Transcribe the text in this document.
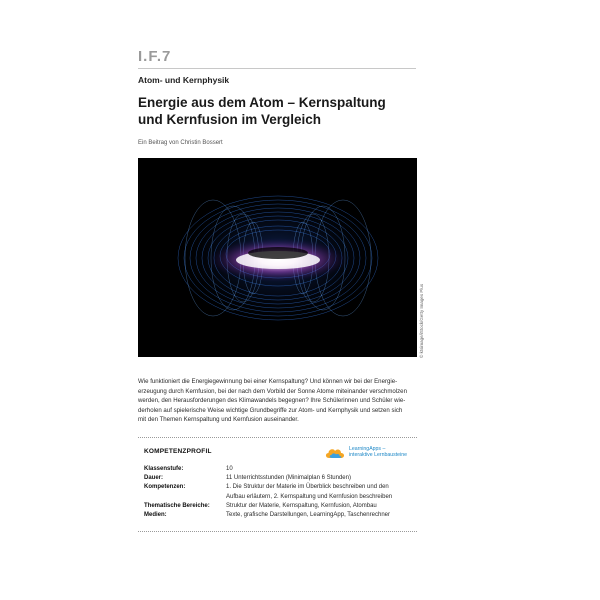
I.F.7
Atom- und Kernphysik
Energie aus dem Atom – Kernspaltung
und Kernfusion im Vergleich
Ein Beitrag von Christin Bossert
© ktsimage/iStock/Getty Images Plus

Wie funktioniert die Energiegewinnung bei einer Kernspaltung? Und können wir bei der Energie-

erzeugung durch Kernfusion, bei der nach dem Vorbild der Sonne Atome miteinander verschmolzen

werden, den Herausforderungen des Klimawandels begegnen? Ihre Schülerinnen und Schüler wie-

derholen auf spielerische Weise wichtige Grundbegriffe zur Atom- und Kernphysik und setzen sich

mit den Themen Kernspaltung und Kernfusion auseinander.

KOMPETENZPROFIL	LearningApps –
interaktive Lernbausteine
Klassenstufe:	10
Dauer:	11 Unterrichtsstunden (Minimalplan 6 Stunden)
Kompetenzen:	1. Die Struktur der Materie im Überblick beschreiben und den
Aufbau erläutern, 2. Kernspaltung und Kernfusion beschreiben
Thematische Bereiche:	Struktur der Materie, Kernspaltung, Kernfusion, Atombau
Medien:	Texte, grafische Darstellungen, LearningApp, Taschenrechner
